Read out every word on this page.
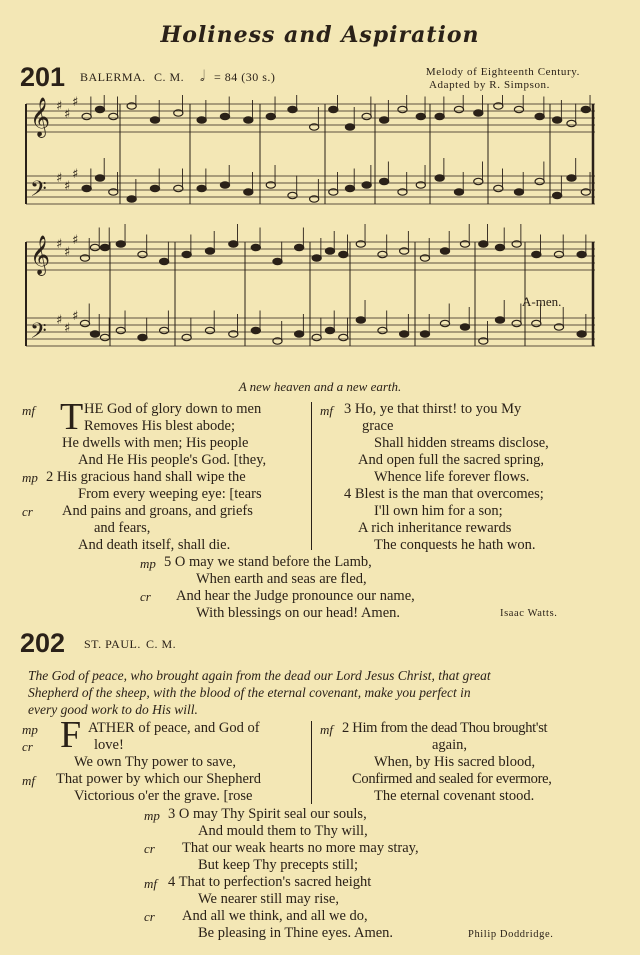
Holiness and Aspiration
201 BALERMA. C. M. 𝅗𝅥 = 84 (30 s.)	Melody of Eighteenth Century.
Adapted by R. Simpson.
𝄞 ♯
♯
♯
𝄢 ♯
♯
♯
𝄞 ♯
♯
♯
𝄢 ♯
♯
♯
A-men.
A new heaven and a new earth.
mf T HE God of glory down to men
Removes His blest abode;
He dwells with men; His people
And He His people's God. [they,
mp 2 His gracious hand shall wipe the
From every weeping eye: [tears
cr And pains and groans, and griefs
and fears,
And death itself, shall die.
mf 3 Ho, ye that thirst! to you My
grace
Shall hidden streams disclose,
And open full the sacred spring,
Whence life forever flows.
4 Blest is the man that overcomes;
I'll own him for a son;
A rich inheritance rewards
The conquests he hath won.
mp 5 O may we stand before the Lamb,
When earth and seas are fled,
cr And hear the Judge pronounce our name,
With blessings on our head! Amen.	Isaac Watts.
202 ST. PAUL. C. M.
The God of peace, who brought again from the dead our Lord Jesus Christ, that great
Shepherd of the sheep, with the blood of the eternal covenant, make you perfect in
every good work to do His will.
mp
cr F ATHER of peace, and God of
love!
We own Thy power to save,
mf That power by which our Shepherd
Victorious o'er the grave. [rose
mf 2 Him from the dead Thou brought'st
again,
When, by His sacred blood,
Confirmed and sealed for evermore,
The eternal covenant stood.
mp 3 O may Thy Spirit seal our souls,
And mould them to Thy will,
cr That our weak hearts no more may stray,
But keep Thy precepts still;
mf 4 That to perfection's sacred height
We nearer still may rise,
cr And all we think, and all we do,
Be pleasing in Thine eyes. Amen.	Philip Doddridge.
